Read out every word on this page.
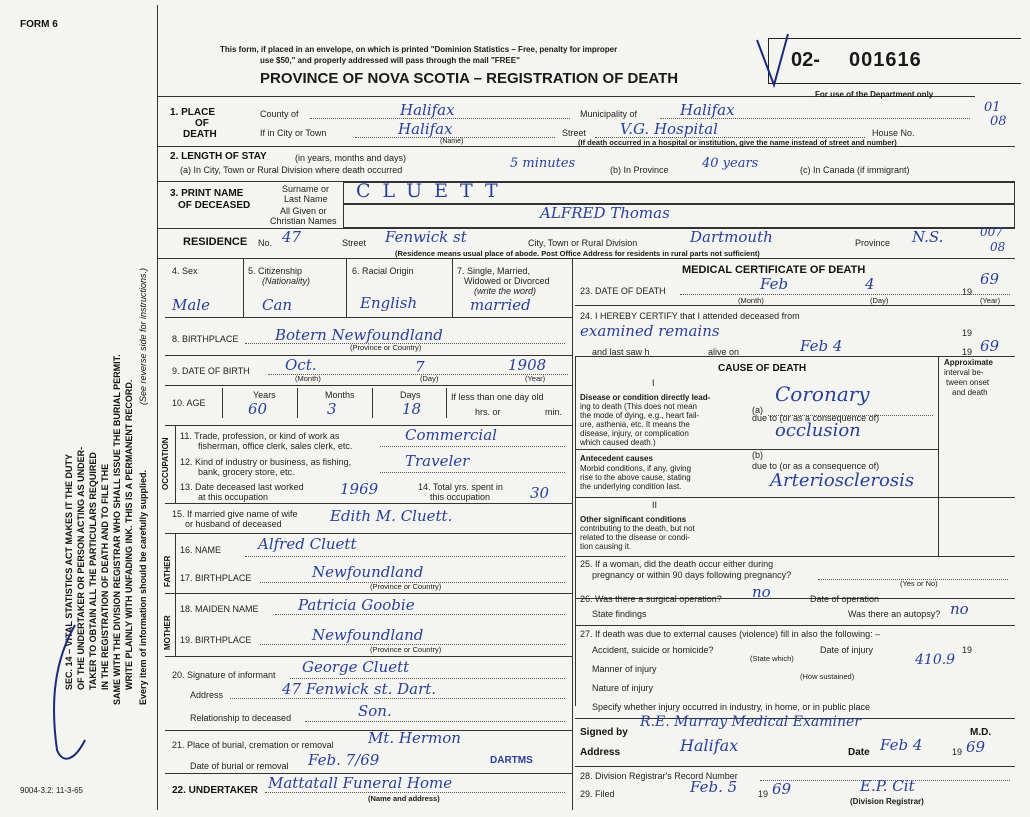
FORM 6
This form, if placed in an envelope, on which is printed "Dominion Statistics – Free, penalty for improper
use $50," and properly addressed will pass through the mail "FREE"
PROVINCE OF NOVA SCOTIA – REGISTRATION OF DEATH
02- 001616
For use of the Department only
01
08
9004-3.2: 11-3-65
SEC. 14 – VITAL STATISTICS ACT MAKES IT THE DUTY OF THE UNDERTAKER OR PERSON ACTING AS UNDER- TAKER TO OBTAIN ALL THE PARTICULARS REQUIRED IN THE REGISTRATION OF DEATH AND TO FILE THE SAME WITH THE DIVISION REGISTRAR WHO SHALL ISSUE THE BURIAL PERMIT. WRITE PLAINLY WITH UNFADING INK. THIS IS A PERMANENT RECORD. Every item of information should be carefully supplied.
(See reverse side for instructions.)
1. PLACE
OF
DEATH
County of	Halifax	Municipality of	Halifax
If in City or Town	Halifax
(Name)
Street V.G. Hospital	House No.
(If death occurred in a hospital or institution, give the name instead of street and number)
2. LENGTH OF STAY	(in years, months and days)
(a) In City, Town or Rural Division where death occurred	5 minutes	(b) In Province	40 years	(c) In Canada (if immigrant)
3. PRINT NAME
OF DECEASED
Surname or
Last Name CLUETT
All Given or
Christian Names	ALFRED Thomas
RESIDENCE No. 47	Street Fenwick st	City, Town or Rural Division	Dartmouth	Province N.S.	007
08
(Residence means usual place of abode. Post Office Address for residents in rural parts not sufficient)
4. Sex
Male
5. Citizenship
(Nationality)
Can
6. Racial Origin
English
7. Single, Married,
Widowed or Divorced
(write the word)
married
8. BIRTHPLACE Botern Newfoundland
(Province or Country)
9. DATE OF BIRTH Oct.	7	1908
(Month)	(Day)	(Year)
10. AGE
Years	Months	Days
60	3	18
If less than one day old
hrs. or	min.
OCCUPATION
11. Trade, profession, or kind of work as
fisherman, office clerk, sales clerk, etc.
Commercial
12. Kind of industry or business, as fishing,
bank, grocery store, etc.
Traveler
13. Date deceased last worked
at this occupation	1969	14. Total yrs. spent in
this occupation	30
15. If married give name of wife
or husband of deceased	Edith M. Cluett.
FATHER
16. NAME Alfred Cluett
17. BIRTHPLACE	Newfoundland
(Province or Country)
MOTHER
18. MAIDEN NAME	Patricia Goobie
19. BIRTHPLACE	Newfoundland
(Province or Country)
20. Signature of informant George Cluett
Address	47 Fenwick st. Dart.
Relationship to deceased	Son.
21. Place of burial, cremation or removal Mt. Hermon
Date of burial or removal Feb. 7/69	DARTMS
22. UNDERTAKER Mattatall Funeral Home
(Name and address)
MEDICAL CERTIFICATE OF DEATH
23. DATE OF DEATH	Feb	4	19
69
(Month)	(Day)	(Year)
24. I HEREBY CERTIFY that I attended deceased from
examined remains	19
and last saw h	alive on	Feb 4	19 69
CAUSE OF DEATH
Approximate
interval be-
tween onset
and death
I
Disease or condition directly lead-
ing to death (This does not mean
the mode of dying, e.g., heart fail-
ure, asthenia, etc. It means the
disease, injury, or complication
which caused death.)
(a)
Coronary
due to (or as a consequence of)
occlusion
Antecedent causes
Morbid conditions, if any, giving
rise to the above cause, stating
the underlying condition last.
(b)
due to (or as a consequence of)
Arteriosclerosis
II
Other significant conditions
contributing to the death, but not
related to the disease or condi-
tion causing it.
25. If a woman, did the death occur either during
pregnancy or within 90 days following pregnancy?
(Yes or No)
26. Was there a surgical operation? no	Date of operation
State findings	Was there an autopsy? no
27. If death was due to external causes (violence) fill in also the following: –
Accident, suicide or homicide?	Date of injury	19
(State which)	410.9
Manner of injury
(How sustained)
Nature of injury
Specify whether injury occurred in industry, in home, or in public place
Signed by
R.E. Murray Medical Examiner
M.D.
Address	Halifax	Date Feb 4	19 69
28. Division Registrar's Record Number
29. Filed	Feb. 5 19 69	E.P. Cit
(Division Registrar)
